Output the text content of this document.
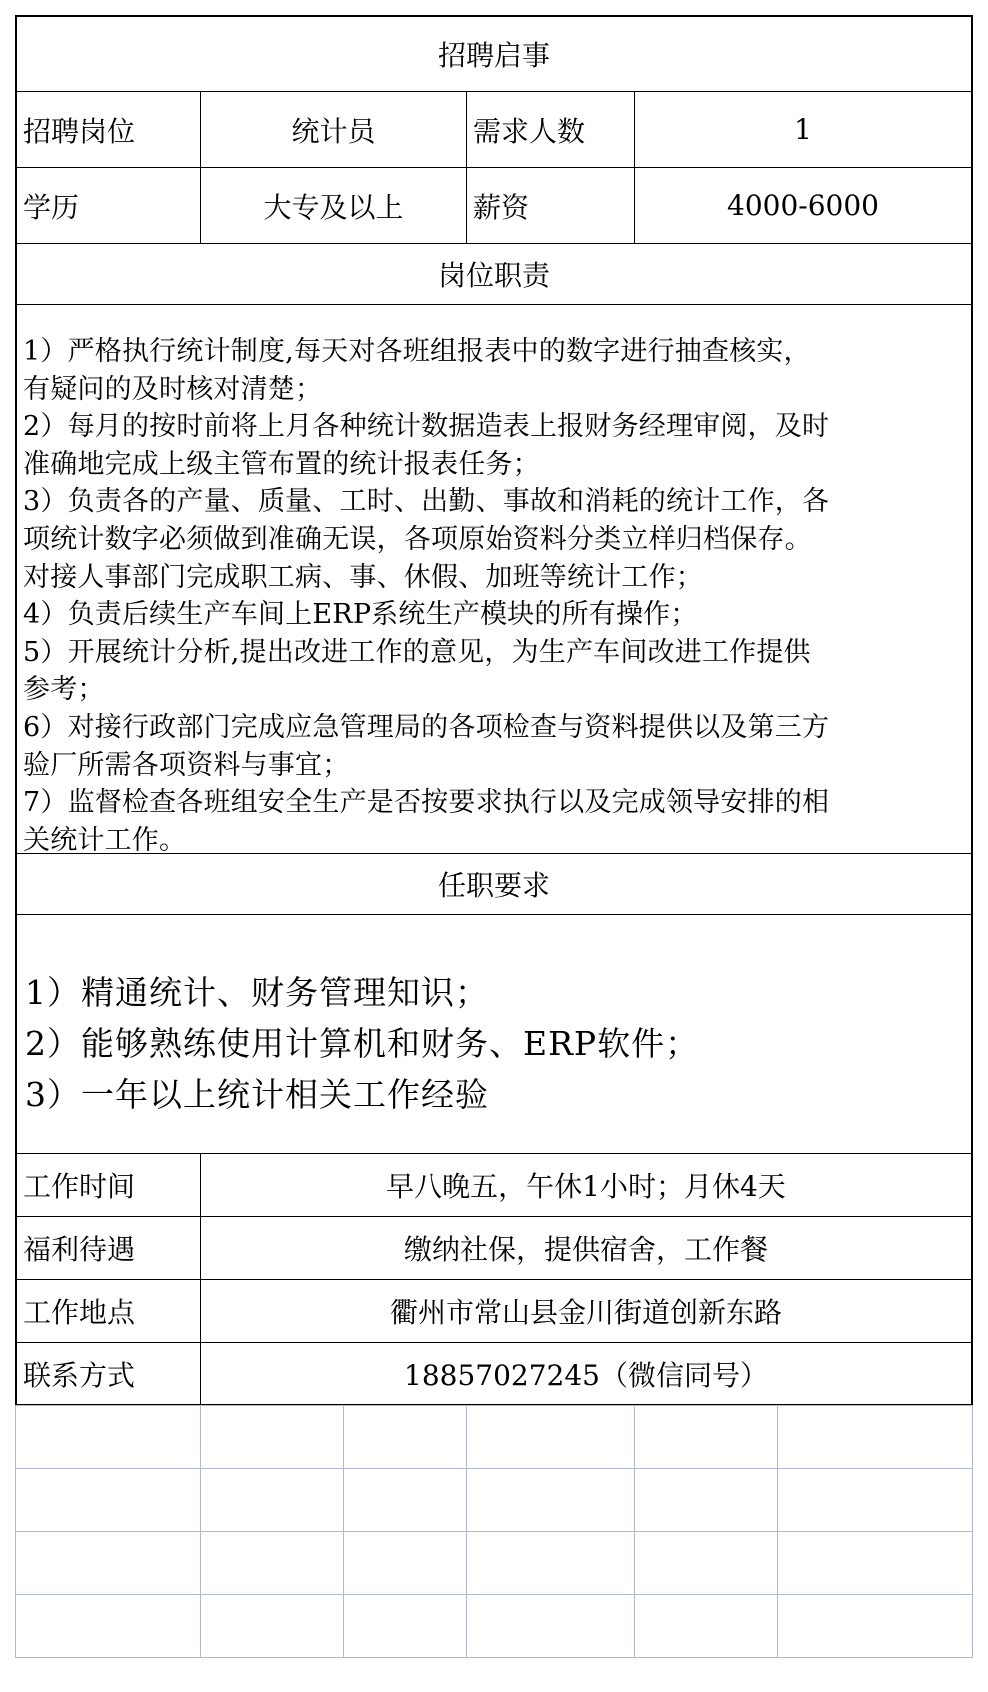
招聘启事
招聘岗位	统计员	需求人数	1
学历	大专及以上	薪资	4000-6000
岗位职责
1）严格执行统计制度,每天对各班组报表中的数字进行抽查核实，
有疑问的及时核对清楚；
2）每月的按时前将上月各种统计数据造表上报财务经理审阅，及时
准确地完成上级主管布置的统计报表任务；
3）负责各的产量、质量、工时、出勤、事故和消耗的统计工作，各
项统计数字必须做到准确无误，各项原始资料分类立样归档保存。
对接人事部门完成职工病、事、休假、加班等统计工作；
4）负责后续生产车间上ERP系统生产模块的所有操作；
5）开展统计分析,提出改进工作的意见，为生产车间改进工作提供
参考；
6）对接行政部门完成应急管理局的各项检查与资料提供以及第三方
验厂所需各项资料与事宜；
7）监督检查各班组安全生产是否按要求执行以及完成领导安排的相
关统计工作。
任职要求
1）精通统计、财务管理知识；
2）能够熟练使用计算机和财务、ERP软件；
3）一年以上统计相关工作经验
工作时间	早八晚五，午休1小时；月休4天
福利待遇	缴纳社保，提供宿舍，工作餐
工作地点	衢州市常山县金川街道创新东路
联系方式	18857027245（微信同号）
